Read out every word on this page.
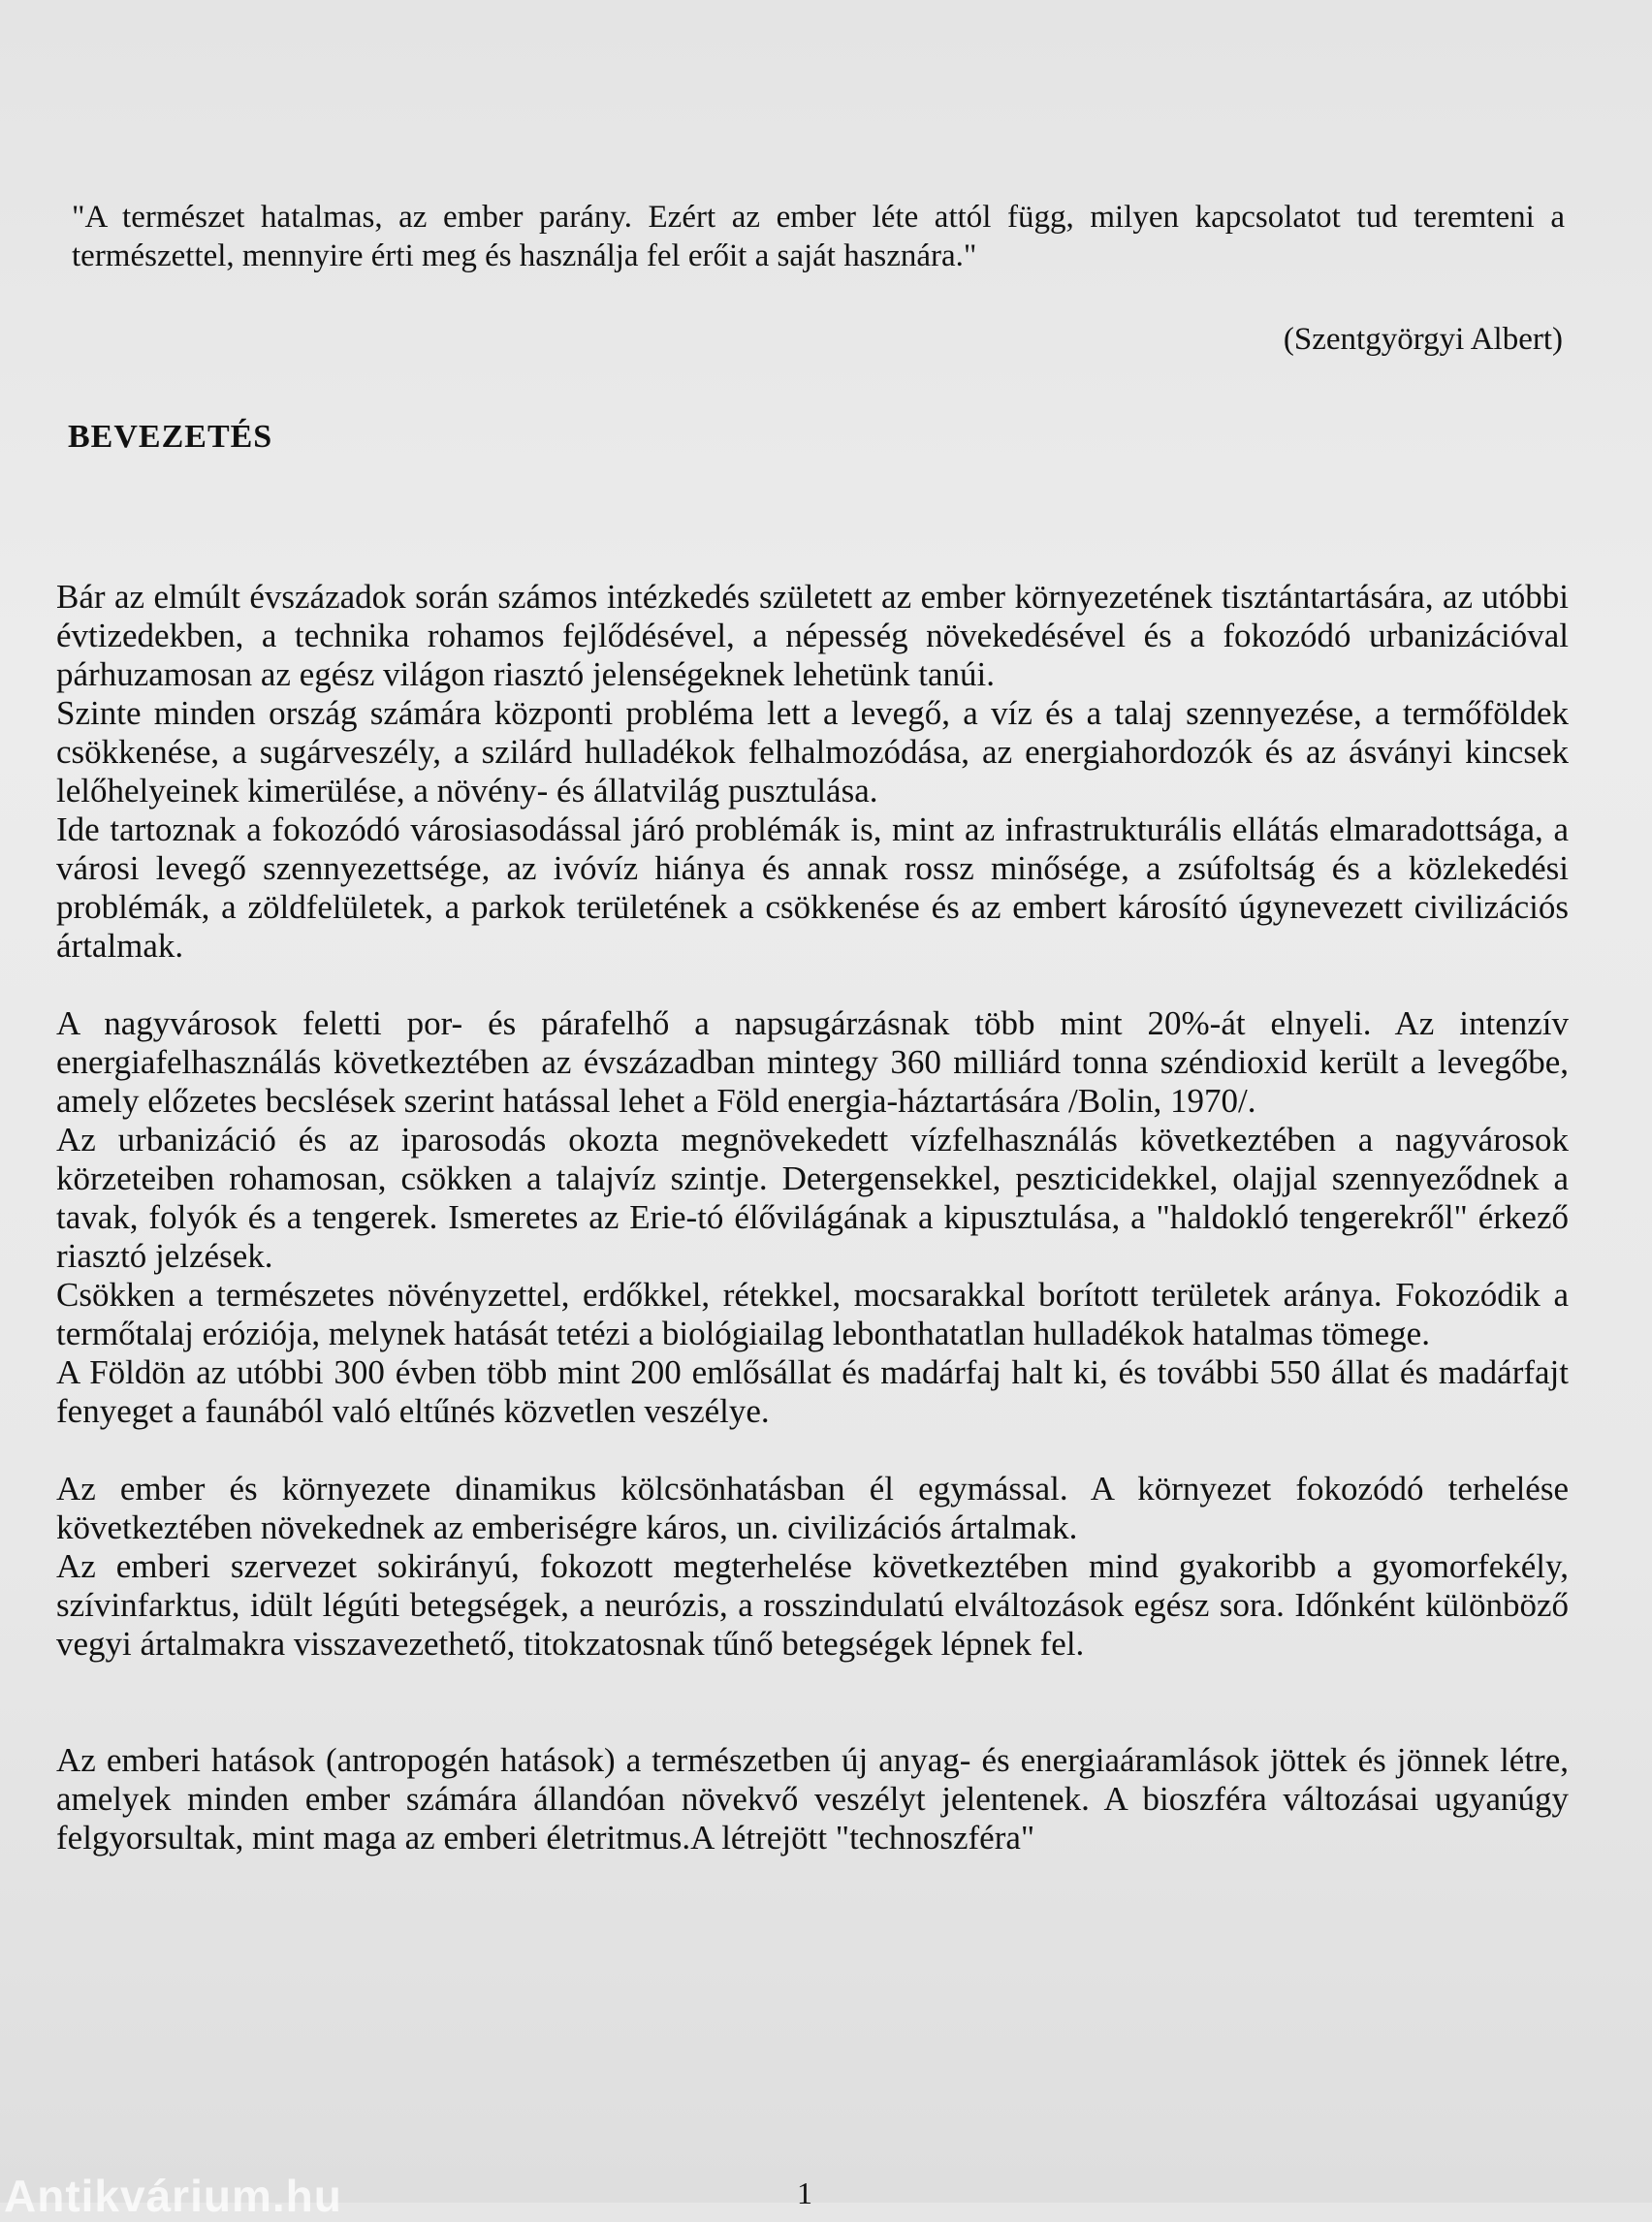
"A természet hatalmas, az ember parány. Ezért az ember léte attól függ, milyen kapcsolatot tud teremteni a természettel, mennyire érti meg és használja fel erőit a saját hasznára."
(Szentgyörgyi Albert)
BEVEZETÉS

Bár az elmúlt évszázadok során számos intézkedés született az ember környezetének tisztántartására, az utóbbi évtizedekben, a technika rohamos fejlődésével, a népesség növekedésével és a fokozódó urbanizációval párhuzamosan az egész világon riasztó jelenségeknek lehetünk tanúi.

Szinte minden ország számára központi probléma lett a levegő, a víz és a talaj szennyezése, a termőföldek csökkenése, a sugárveszély, a szilárd hulladékok felhalmozódása, az energiahordozók és az ásványi kincsek lelőhelyeinek kimerülése, a növény- és állatvilág pusztulása.

Ide tartoznak a fokozódó városiasodással járó problémák is, mint az infrastrukturális ellátás elmaradottsága, a városi levegő szennyezettsége, az ivóvíz hiánya és annak rossz minősége, a zsúfoltság és a közlekedési problémák, a zöldfelületek, a parkok területének a csökkenése és az embert károsító úgynevezett civilizációs ártalmak.

A nagyvárosok feletti por- és párafelhő a napsugárzásnak több mint 20%-át elnyeli. Az intenzív energiafelhasználás következtében az évszázadban mintegy 360 milliárd tonna széndioxid került a levegőbe, amely előzetes becslések szerint hatással lehet a Föld energia-háztartására /Bolin, 1970/.

Az urbanizáció és az iparosodás okozta megnövekedett vízfelhasználás következtében a nagyvárosok körzeteiben rohamosan, csökken a talajvíz szintje. Detergensekkel, peszticidekkel, olajjal szennyeződnek a tavak, folyók és a tengerek. Ismeretes az Erie-tó élővilágának a kipusztulása, a "haldokló tengerekről" érkező riasztó jelzések.

Csökken a természetes növényzettel, erdőkkel, rétekkel, mocsarakkal borított területek aránya. Fokozódik a termőtalaj eróziója, melynek hatását tetézi a biológiailag lebonthatatlan hulladékok hatalmas tömege.

A Földön az utóbbi 300 évben több mint 200 emlősállat és madárfaj halt ki, és további 550 állat és madárfajt fenyeget a faunából való eltűnés közvetlen veszélye.

Az ember és környezete dinamikus kölcsönhatásban él egymással. A környezet fokozódó terhelése következtében növekednek az emberiségre káros, un. civilizációs ártalmak.

Az emberi szervezet sokirányú, fokozott megterhelése következtében mind gyakoribb a gyomorfekély, szívinfarktus, idült légúti betegségek, a neurózis, a rosszindulatú elváltozások egész sora. Időnként különböző vegyi ártalmakra visszavezethető, titokzatosnak tűnő betegségek lépnek fel.

Az emberi hatások (antropogén hatások) a természetben új anyag- és energiaáramlások jöttek és jönnek létre, amelyek minden ember számára állandóan növekvő veszélyt jelentenek. A bioszféra változásai ugyanúgy felgyorsultak, mint maga az emberi életritmus.A létrejött "technoszféra"

1
Antikvárium.hu
